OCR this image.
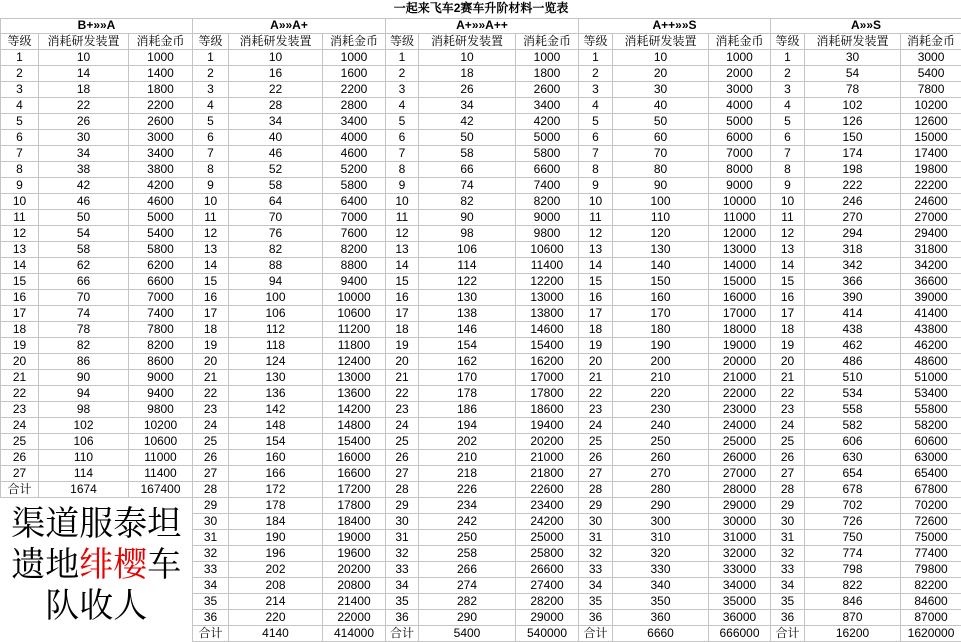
一起来飞车2赛车升阶材料一览表														
B+»»A			A»»A+			A+»»A++			A++»»S			A»»S		
等级	消耗研发装置	消耗金币	等级	消耗研发装置	消耗金币	等级	消耗研发装置	消耗金币	等级	消耗研发装置	消耗金币	等级	消耗研发装置	消耗金币
1	10	1000	1	10	1000	1	10	1000	1	10	1000	1	30	3000
2	14	1400	2	16	1600	2	18	1800	2	20	2000	2	54	5400
3	18	1800	3	22	2200	3	26	2600	3	30	3000	3	78	7800
4	22	2200	4	28	2800	4	34	3400	4	40	4000	4	102	10200
5	26	2600	5	34	3400	5	42	4200	5	50	5000	5	126	12600
6	30	3000	6	40	4000	6	50	5000	6	60	6000	6	150	15000
7	34	3400	7	46	4600	7	58	5800	7	70	7000	7	174	17400
8	38	3800	8	52	5200	8	66	6600	8	80	8000	8	198	19800
9	42	4200	9	58	5800	9	74	7400	9	90	9000	9	222	22200
10	46	4600	10	64	6400	10	82	8200	10	100	10000	10	246	24600
11	50	5000	11	70	7000	11	90	9000	11	110	11000	11	270	27000
12	54	5400	12	76	7600	12	98	9800	12	120	12000	12	294	29400
13	58	5800	13	82	8200	13	106	10600	13	130	13000	13	318	31800
14	62	6200	14	88	8800	14	114	11400	14	140	14000	14	342	34200
15	66	6600	15	94	9400	15	122	12200	15	150	15000	15	366	36600
16	70	7000	16	100	10000	16	130	13000	16	160	16000	16	390	39000
17	74	7400	17	106	10600	17	138	13800	17	170	17000	17	414	41400
18	78	7800	18	112	11200	18	146	14600	18	180	18000	18	438	43800
19	82	8200	19	118	11800	19	154	15400	19	190	19000	19	462	46200
20	86	8600	20	124	12400	20	162	16200	20	200	20000	20	486	48600
21	90	9000	21	130	13000	21	170	17000	21	210	21000	21	510	51000
22	94	9400	22	136	13600	22	178	17800	22	220	22000	22	534	53400
23	98	9800	23	142	14200	23	186	18600	23	230	23000	23	558	55800
24	102	10200	24	148	14800	24	194	19400	24	240	24000	24	582	58200
25	106	10600	25	154	15400	25	202	20200	25	250	25000	25	606	60600
26	110	11000	26	160	16000	26	210	21000	26	260	26000	26	630	63000
27	114	11400	27	166	16600	27	218	21800	27	270	27000	27	654	65400
合计	1674	167400	28	172	17200	28	226	22600	28	280	28000	28	678	67800

渠道服泰坦
遗地绯樱车
队收人			29	178	17800	29	234	23400	29	290	29000	29	702	70200
			30	184	18400	30	242	24200	30	300	30000	30	726	72600
			31	190	19000	31	250	25000	31	310	31000	31	750	75000
			32	196	19600	32	258	25800	32	320	32000	32	774	77400
			33	202	20200	33	266	26600	33	330	33000	33	798	79800
			34	208	20800	34	274	27400	34	340	34000	34	822	82200
			35	214	21400	35	282	28200	35	350	35000	35	846	84600
			36	220	22000	36	290	29000	36	360	36000	36	870	87000
			合计	4140	414000	合计	5400	540000	合计	6660	666000	合计	16200	1620000
